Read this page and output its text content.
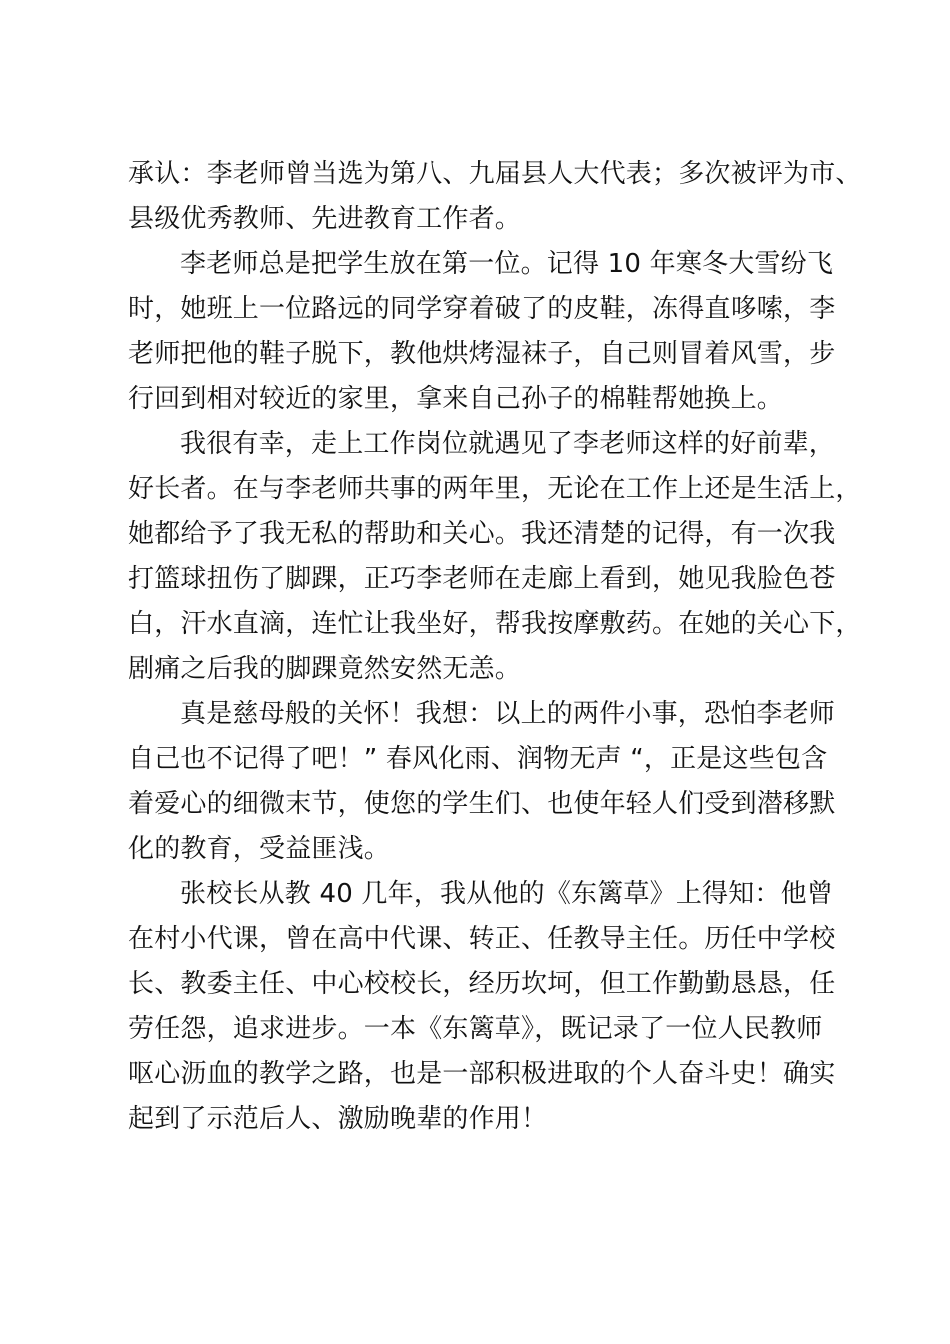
承认：李老师曾当选为第八、九届县人大代表；多次被评为市、
县级优秀教师、先进教育工作者。
李老师总是把学生放在第一位。记得 10 年寒冬大雪纷飞
时，她班上一位路远的同学穿着破了的皮鞋，冻得直哆嗦，李
老师把他的鞋子脱下，教他烘烤湿袜子，自己则冒着风雪，步
行回到相对较近的家里，拿来自己孙子的棉鞋帮她换上。
我很有幸，走上工作岗位就遇见了李老师这样的好前辈，
好长者。在与李老师共事的两年里，无论在工作上还是生活上，
她都给予了我无私的帮助和关心。我还清楚的记得，有一次我
打篮球扭伤了脚踝，正巧李老师在走廊上看到，她见我脸色苍
白，汗水直滴，连忙让我坐好，帮我按摩敷药。在她的关心下，
剧痛之后我的脚踝竟然安然无恙。
真是慈母般的关怀！我想：以上的两件小事，恐怕李老师
自己也不记得了吧！” 春风化雨、润物无声 “，正是这些包含
着爱心的细微末节，使您的学生们、也使年轻人们受到潜移默
化的教育，受益匪浅。
张校长从教 40 几年，我从他的《东篱草》上得知：他曾
在村小代课，曾在高中代课、转正、任教导主任。历任中学校
长、教委主任、中心校校长，经历坎坷，但工作勤勤恳恳，任
劳任怨，追求进步。一本《东篱草》，既记录了一位人民教师
呕心沥血的教学之路，也是一部积极进取的个人奋斗史！确实
起到了示范后人、激励晚辈的作用！
